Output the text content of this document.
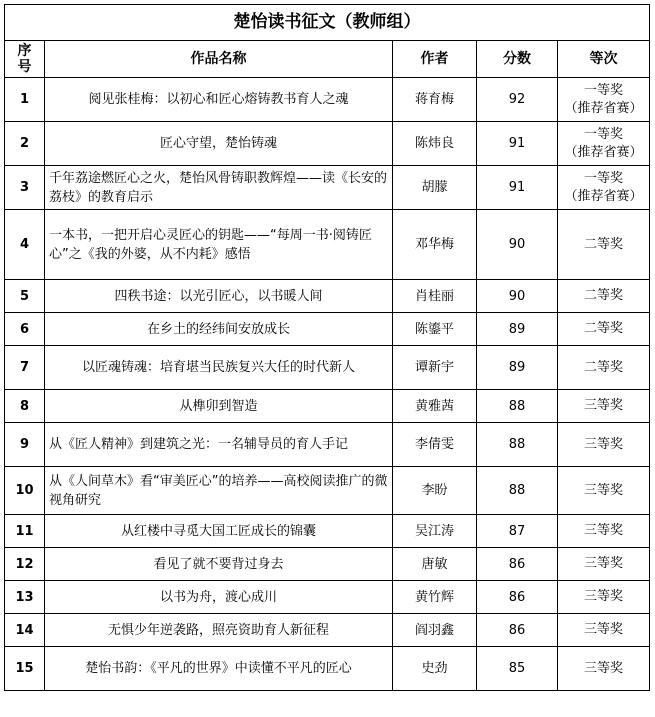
楚怡读书征文（教师组）				
序
号	作品名称	作者	分数	等次
1	阅见张桂梅：以初心和匠心熔铸教书育人之魂	蒋育梅	92	一等奖
（推荐省赛）

2	匠心守望，楚怡铸魂	陈炜良	91	一等奖
（推荐省赛）

3	千年荔途燃匠心之火，楚怡风骨铸职教辉煌——读《长安的荔枝》的教育启示	胡朦	91	一等奖
（推荐省赛）

4	一本书，一把开启心灵匠心的钥匙——“每周一书·阅铸匠心”之《我的外婆，从不内耗》感悟	邓华梅	90	二等奖
5	四秩书途：以光引匠心，以书暖人间	肖桂丽	90	二等奖
6	在乡土的经纬间安放成长	陈鎏平	89	二等奖
7	以匠魂铸魂：培育堪当民族复兴大任的时代新人	谭新宇	89	二等奖
8	从榫卯到智造	黄雅茜	88	三等奖
9	从《匠人精神》到建筑之光：一名辅导员的育人手记	李倩雯	88	三等奖
10	从《人间草木》看“审美匠心”的培养——高校阅读推广的微视角研究	李盼	88	三等奖
11	从红楼中寻觅大国工匠成长的锦囊	吴江涛	87	三等奖
12	看见了就不要背过身去	唐敏	86	三等奖
13	以书为舟，渡心成川	黄竹辉	86	三等奖
14	无惧少年逆袭路，照亮资助育人新征程	阎羽鑫	86	三等奖
15	楚怡书韵：《平凡的世界》中读懂不平凡的匠心	史劲	85	三等奖
